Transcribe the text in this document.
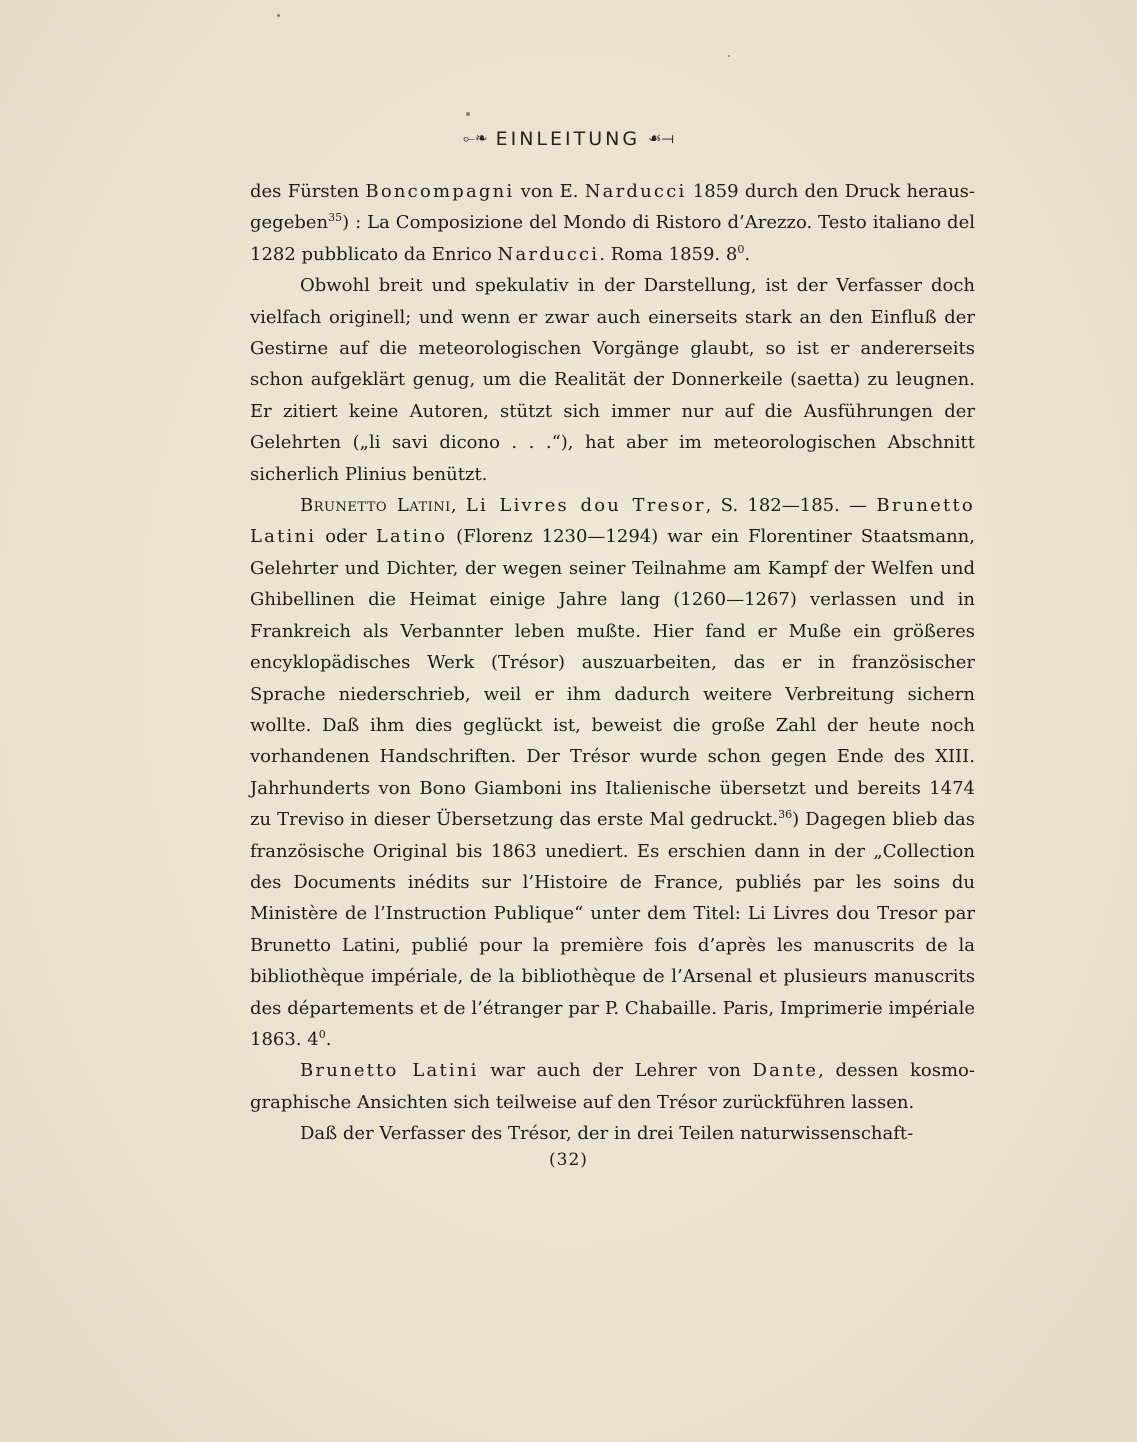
⟜❧ EINLEITUNG ☙⟞

des Fürsten Boncompagni von E. Narducci 1859 durch den Druck herausgegeben$^{35}$) : La Composizione del Mondo di Ristoro d’Arezzo. Testo italiano del 1282 pubblicato da Enrico Narducci. Roma 1859. $8^0$.

Obwohl breit und spekulativ in der Darstellung, ist der Verfasser doch vielfach originell; und wenn er zwar auch einerseits stark an den Einfluß der Gestirne auf die meteorologischen Vorgänge glaubt, so ist er andererseits schon aufgeklärt genug, um die Realität der Donnerkeile (saetta) zu leugnen. Er zitiert keine Autoren, stützt sich immer nur auf die Ausführungen der Gelehrten („li savi dicono . . .“), hat aber im meteorologischen Abschnitt sicherlich Plinius benützt.

Brunetto Latini, Li Livres dou Tresor, S. 182—185. — Brunetto Latini oder Latino (Florenz 1230—1294) war ein Florentiner Staatsmann, Gelehrter und Dichter, der wegen seiner Teilnahme am Kampf der Welfen und Ghibellinen die Heimat einige Jahre lang (1260—1267) verlassen und in Frankreich als Verbannter leben mußte. Hier fand er Muße ein größeres encyklopädisches Werk (Trésor) auszuarbeiten, das er in französischer Sprache niederschrieb, weil er ihm dadurch weitere Verbreitung sichern wollte. Daß ihm dies geglückt ist, beweist die große Zahl der heute noch vorhandenen Handschriften. Der Trésor wurde schon gegen Ende des XIII. Jahrhunderts von Bono Giamboni ins Italienische übersetzt und bereits 1474 zu Treviso in dieser Übersetzung das erste Mal gedruckt.$^{36}$) Dagegen blieb das französische Original bis 1863 unediert. Es erschien dann in der „Collection des Documents inédits sur l’Histoire de France, publiés par les soins du Ministère de l’Instruction Publique“ unter dem Titel: Li Livres dou Tresor par Brunetto Latini, publié pour la première fois d’après les manuscrits de la bibliothèque impériale, de la bibliothèque de l’Arsenal et plusieurs manuscrits des départements et de l’étranger par P. Chabaille. Paris, Imprimerie impériale 1863. $4^0$.

Brunetto Latini war auch der Lehrer von Dante, dessen kosmographische Ansichten sich teilweise auf den Trésor zurückführen lassen.

Daß der Verfasser des Trésor, der in drei Teilen naturwissenschaft-

(32)
